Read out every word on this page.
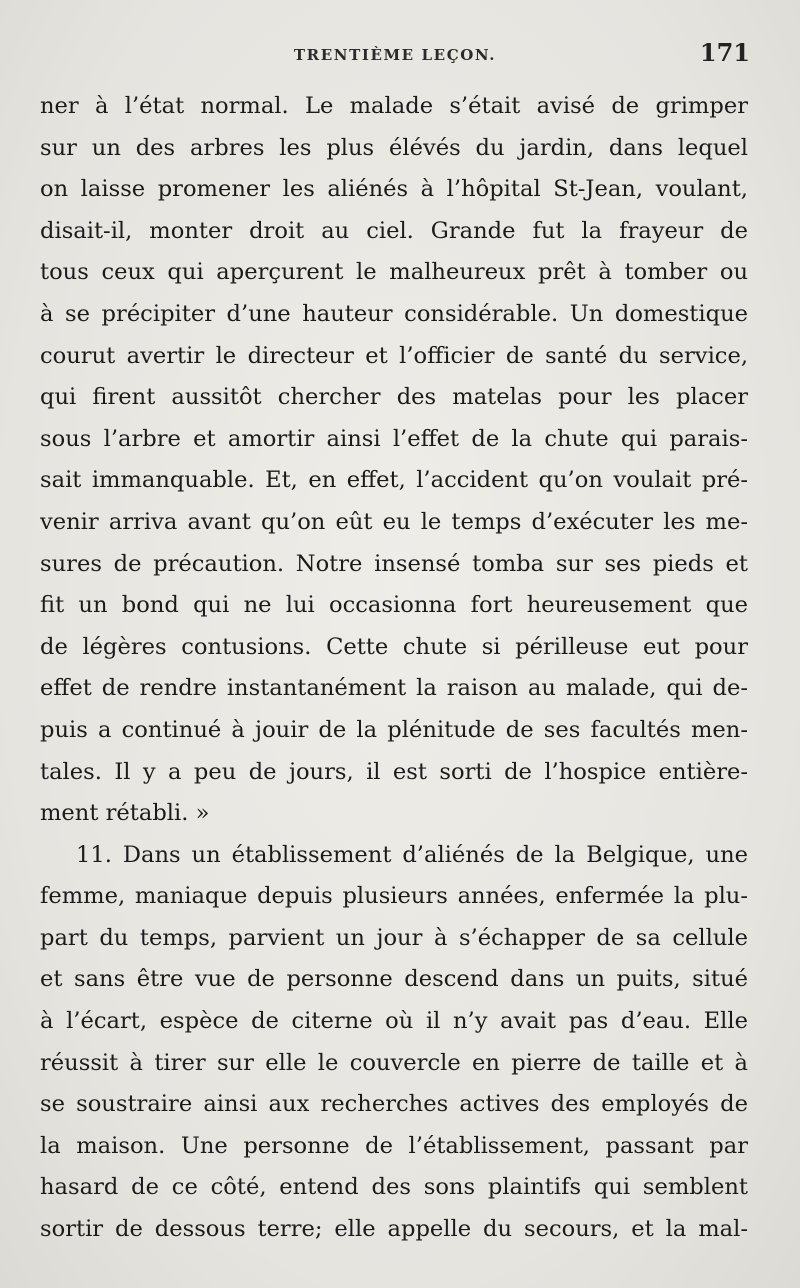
TRENTIÈME LEÇON.	171
ner à l’état normal. Le malade s’était avisé de grimper
sur un des arbres les plus élévés du jardin, dans lequel
on laisse promener les aliénés à l’hôpital St-Jean, voulant,
disait-il, monter droit au ciel. Grande fut la frayeur de
tous ceux qui aperçurent le malheureux prêt à tomber ou
à se précipiter d’une hauteur considérable. Un domestique
courut avertir le directeur et l’officier de santé du service,
qui firent aussitôt chercher des matelas pour les placer
sous l’arbre et amortir ainsi l’effet de la chute qui parais-
sait immanquable. Et, en effet, l’accident qu’on voulait pré-
venir arriva avant qu’on eût eu le temps d’exécuter les me-
sures de précaution. Notre insensé tomba sur ses pieds et
fit un bond qui ne lui occasionna fort heureusement que
de légères contusions. Cette chute si périlleuse eut pour
effet de rendre instantanément la raison au malade, qui de-
puis a continué à jouir de la plénitude de ses facultés men-
tales. Il y a peu de jours, il est sorti de l’hospice entière-
ment rétabli. »
11. Dans un établissement d’aliénés de la Belgique, une
femme, maniaque depuis plusieurs années, enfermée la plu-
part du temps, parvient un jour à s’échapper de sa cellule
et sans être vue de personne descend dans un puits, situé
à l’écart, espèce de citerne où il n’y avait pas d’eau. Elle
réussit à tirer sur elle le couvercle en pierre de taille et à
se soustraire ainsi aux recherches actives des employés de
la maison. Une personne de l’établissement, passant par
hasard de ce côté, entend des sons plaintifs qui semblent
sortir de dessous terre; elle appelle du secours, et la mal-
